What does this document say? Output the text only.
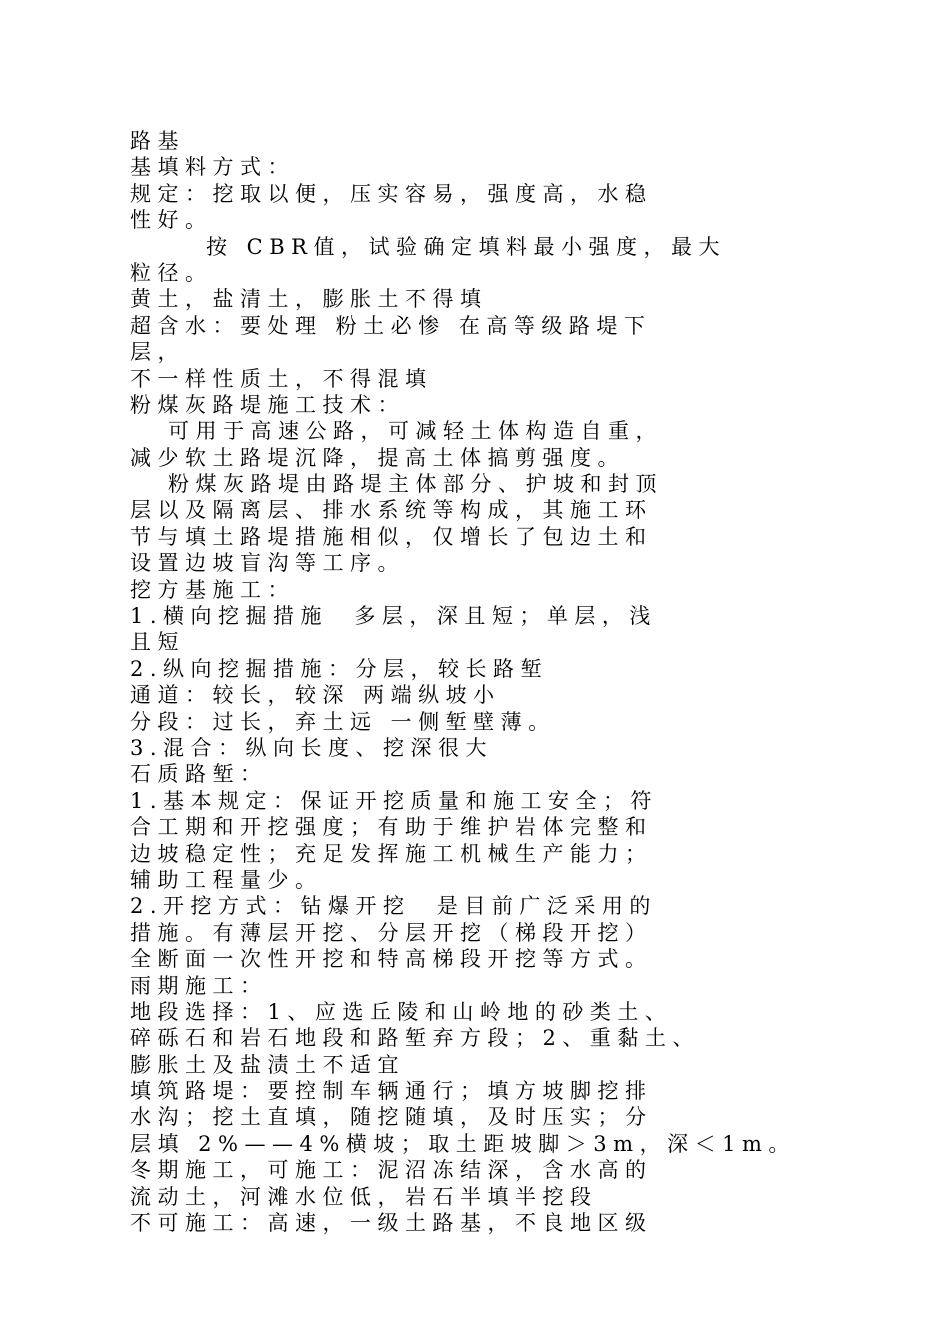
路基
基填料方式：
规定：挖取以便，压实容易，强度高，水稳
性好。
按 CBR值，试验确定填料最小强度，最大
粒径。
黄土，盐清土，膨胀土不得填
超含水：要处理 粉土必惨 在高等级路堤下
层，
不一样性质土，不得混填
粉煤灰路堤施工技术：
可用于高速公路，可减轻土体构造自重，
减少软土路堤沉降，提高土体搞剪强度。
粉煤灰路堤由路堤主体部分、护坡和封顶
层以及隔离层、排水系统等构成，其施工环
节与填土路堤措施相似，仅增长了包边土和
设置边坡盲沟等工序。
挖方基施工：
1.横向挖掘措施  多层，深且短；单层，浅
且短
2.纵向挖掘措施：分层，较长路堑
通道：较长，较深 两端纵坡小
分段：过长，弃土远 一侧堑壁薄。
3.混合：纵向长度、挖深很大
石质路堑：
1.基本规定：保证开挖质量和施工安全；符
合工期和开挖强度；有助于维护岩体完整和
边坡稳定性；充足发挥施工机械生产能力；
辅助工程量少。
2.开挖方式：钻爆开挖  是目前广泛采用的
措施。有薄层开挖、分层开挖（梯段开挖）
全断面一次性开挖和特高梯段开挖等方式。
雨期施工：
地段选择：1、应选丘陵和山岭地的砂类土、
碎砾石和岩石地段和路堑弃方段；2、重黏土、
膨胀土及盐渍土不适宜
填筑路堤：要控制车辆通行；填方坡脚挖排
水沟；挖土直填，随挖随填，及时压实；分
层填 2%——4%横坡；取土距坡脚＞3m，深＜1m。
冬期施工，可施工：泥沼冻结深，含水高的
流动土，河滩水位低，岩石半填半挖段
不可施工：高速，一级土路基，不良地区级
